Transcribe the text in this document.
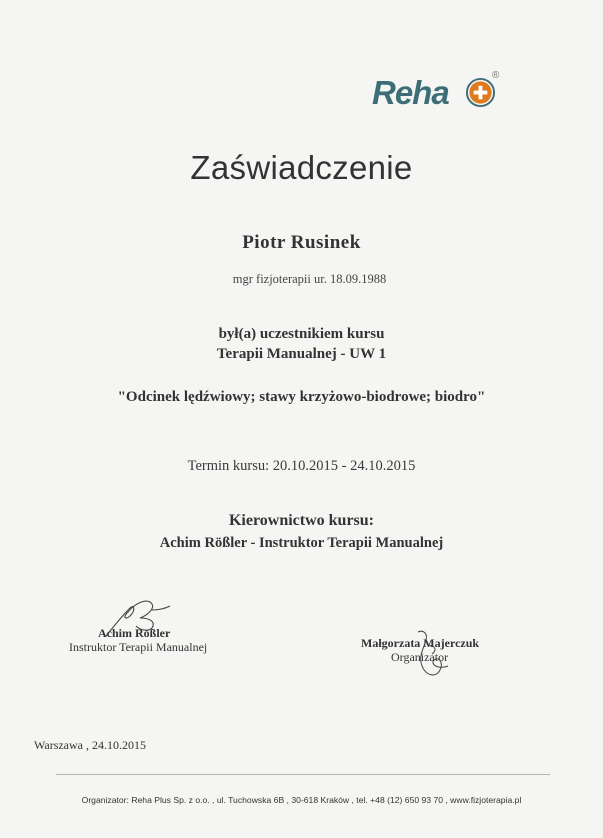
Reha	®
Zaświadczenie
Piotr Rusinek
mgr fizjoterapii ur. 18.09.1988
był(a) uczestnikiem kursu
Terapii Manualnej - UW 1
"Odcinek lędźwiowy; stawy krzyżowo-biodrowe; biodro"
Termin kursu: 20.10.2015 - 24.10.2015
Kierownictwo kursu:
Achim Rößler - Instruktor Terapii Manualnej
Achim Rößler
Instruktor Terapii Manualnej	Małgorzata Majerczuk
Organizator
Warszawa , 24.10.2015
Organizator: Reha Plus Sp. z o.o. , ul. Tuchowska 6B , 30-618 Kraków , tel. +48 (12) 650 93 70 , www.fizjoterapia.pl
